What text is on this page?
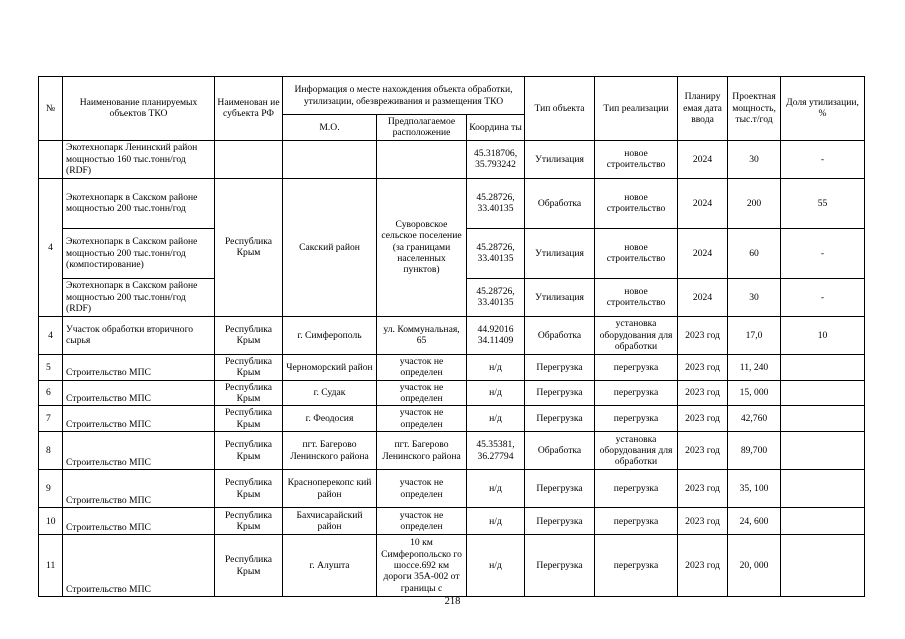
№	Наименование планируемых объектов ТКО	Наименован ие субъекта РФ	Информация о месте нахождения объекта обработки, утилизации, обезвреживания и размещения ТКО			Тип объекта	Тип реализации	Планиру емая дата ввода	Проектная мощность, тыс.т/год	Доля утилизации, %
			М.О.	Предполагаемое расположение	Координа ты					
	Экотехнопарк Ленинский район мощностью 160 тыс.тонн/год (RDF)				45.318706, 35.793242	Утилизация	новое строительство	2024	30	-
4	Экотехнопарк в Сакском районе мощностью 200 тыс.тонн/год	Республика Крым	Сакский район	Суворовское сельское поселение (за границами населенных пунктов)	45.28726, 33.40135	Обработка	новое строительство	2024	200	55
	Экотехнопарк в Сакском районе мощностью 200 тыс.тонн/год (компостирование)				45.28726, 33.40135	Утилизация	новое строительство	2024	60	-
	Экотехнопарк в Сакском районе мощностью 200 тыс.тонн/год (RDF)				45.28726, 33.40135	Утилизация	новое строительство	2024	30	-
4	Участок обработки вторичного сырья	Республика Крым	г. Симферополь	ул. Коммунальная, 65	44.92016 34.11409	Обработка	установка оборудования для обработки	2023 год	17,0	10
5	Строительство МПС	Республика Крым	Черноморский район	участок не определен	н/д	Перегрузка	перегрузка	2023 год	11, 240	
6	Строительство МПС	Республика Крым	г. Судак	участок не определен	н/д	Перегрузка	перегрузка	2023 год	15, 000	
7	Строительство МПС	Республика Крым	г. Феодосия	участок не определен	н/д	Перегрузка	перегрузка	2023 год	42,760	
8	Строительство МПС	Республика Крым	пгт. Багерово Ленинского района	пгт. Багерово Ленинского района	45.35381, 36.27794	Обработка	установка оборудования для обработки	2023 год	89,700	
9	Строительство МПС	Республика Крым	Красноперекопс кий район	участок не определен	н/д	Перегрузка	перегрузка	2023 год	35, 100	
10	Строительство МПС	Республика Крым	Бахчисарайский район	участок не определен	н/д	Перегрузка	перегрузка	2023 год	24, 600	
11	Строительство МПС	Республика Крым	г. Алушта	10 км Симферопольско го шоссе.692 км дороги 35А-002 от границы с	н/д	Перегрузка	перегрузка	2023 год	20, 000	
218
